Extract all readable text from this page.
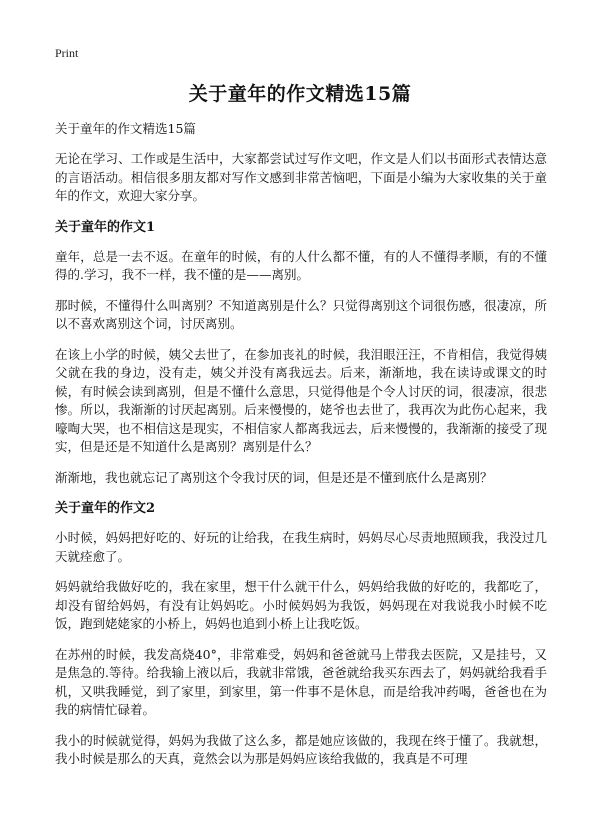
Print
关于童年的作文精选15篇
关于童年的作文精选15篇

无论在学习、工作或是生活中，大家都尝试过写作文吧，作文是人们以书面形式表情达意的言语活动。相信很多朋友都对写作文感到非常苦恼吧，下面是小编为大家收集的关于童年的作文，欢迎大家分享。

关于童年的作文1

童年，总是一去不返。在童年的时候，有的人什么都不懂，有的人不懂得孝顺，有的不懂得的.学习，我不一样，我不懂的是——离别。

那时候，不懂得什么叫离别？不知道离别是什么？只觉得离别这个词很伤感，很凄凉，所以不喜欢离别这个词，讨厌离别。

在该上小学的时候，姨父去世了，在参加丧礼的时候，我泪眼汪汪，不肯相信，我觉得姨父就在我的身边，没有走，姨父并没有离我远去。后来，渐渐地，我在读诗或课文的时候，有时候会读到离别，但是不懂什么意思，只觉得他是个令人讨厌的词，很凄凉，很悲惨。所以，我渐渐的讨厌起离别。后来慢慢的，姥爷也去世了，我再次为此伤心起来，我嚎啕大哭，也不相信这是现实，不相信家人都离我远去，后来慢慢的，我渐渐的接受了现实，但是还是不知道什么是离别？离别是什么？

渐渐地，我也就忘记了离别这个令我讨厌的词，但是还是不懂到底什么是离别？

关于童年的作文2

小时候，妈妈把好吃的、好玩的让给我，在我生病时，妈妈尽心尽责地照顾我，我没过几天就痊愈了。

妈妈就给我做好吃的，我在家里，想干什么就干什么，妈妈给我做的好吃的，我都吃了，却没有留给妈妈，有没有让妈妈吃。小时候妈妈为我饭，妈妈现在对我说我小时候不吃饭，跑到姥姥家的小桥上，妈妈也追到小桥上让我吃饭。

在苏州的时候，我发高烧40°，非常难受，妈妈和爸爸就马上带我去医院，又是挂号，又是焦急的.等待。给我输上液以后，我就非常饿，爸爸就给我买东西去了，妈妈就给我看手机，又哄我睡觉，到了家里，到家里，第一件事不是休息，而是给我冲药喝，爸爸也在为我的病情忙碌着。

我小的时候就觉得，妈妈为我做了这么多，都是她应该做的，我现在终于懂了。我就想，我小时候是那么的天真，竟然会以为那是妈妈应该给我做的，我真是不可理
